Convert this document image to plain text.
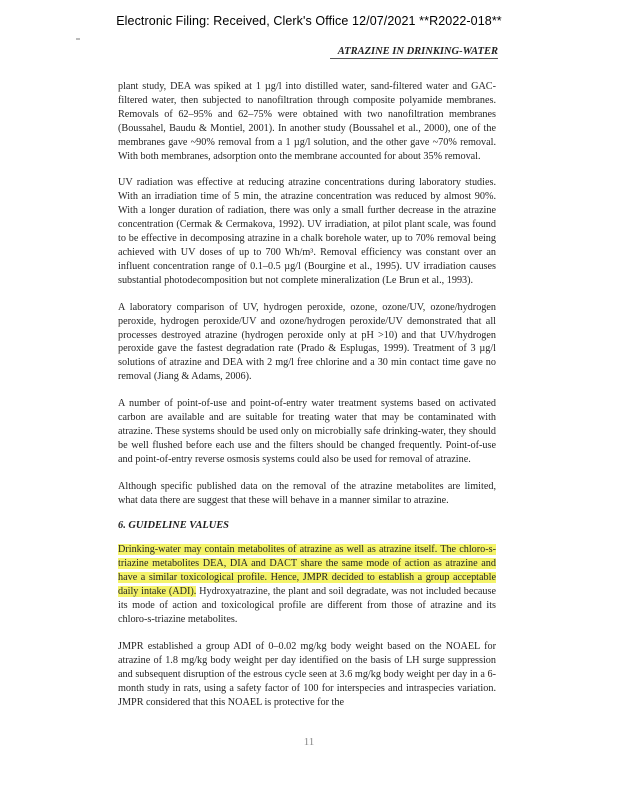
Electronic Filing: Received, Clerk's Office 12/07/2021 **R2022-018**
ATRAZINE IN DRINKING-WATER

plant study, DEA was spiked at 1 µg/l into distilled water, sand-filtered water and GAC-filtered water, then subjected to nanofiltration through composite polyamide membranes. Removals of 62–95% and 62–75% were obtained with two nanofiltration membranes (Boussahel, Baudu & Montiel, 2001). In another study (Boussahel et al., 2000), one of the membranes gave ~90% removal from a 1 µg/l solution, and the other gave ~70% removal. With both membranes, adsorption onto the membrane accounted for about 35% removal.

UV radiation was effective at reducing atrazine concentrations during laboratory studies. With an irradiation time of 5 min, the atrazine concentration was reduced by almost 90%. With a longer duration of radiation, there was only a small further decrease in the atrazine concentration (Cermak & Cermakova, 1992). UV irradiation, at pilot plant scale, was found to be effective in decomposing atrazine in a chalk borehole water, up to 70% removal being achieved with UV doses of up to 700 Wh/m³. Removal efficiency was constant over an influent concentration range of 0.1–0.5 µg/l (Bourgine et al., 1995). UV irradiation causes substantial photodecomposition but not complete mineralization (Le Brun et al., 1993).

A laboratory comparison of UV, hydrogen peroxide, ozone, ozone/UV, ozone/hydrogen peroxide, hydrogen peroxide/UV and ozone/hydrogen peroxide/UV demonstrated that all processes destroyed atrazine (hydrogen peroxide only at pH >10) and that UV/hydrogen peroxide gave the fastest degradation rate (Prado & Esplugas, 1999). Treatment of 3 µg/l solutions of atrazine and DEA with 2 mg/l free chlorine and a 30 min contact time gave no removal (Jiang & Adams, 2006).

A number of point-of-use and point-of-entry water treatment systems based on activated carbon are available and are suitable for treating water that may be contaminated with atrazine. These systems should be used only on microbially safe drinking-water, they should be well flushed before each use and the filters should be changed frequently. Point-of-use and point-of-entry reverse osmosis systems could also be used for removal of atrazine.

Although specific published data on the removal of the atrazine metabolites are limited, what data there are suggest that these will behave in a manner similar to atrazine.

6. GUIDELINE VALUES

Drinking-water may contain metabolites of atrazine as well as atrazine itself. The chloro-s-triazine metabolites DEA, DIA and DACT share the same mode of action as atrazine and have a similar toxicological profile. Hence, JMPR decided to establish a group acceptable daily intake (ADI). Hydroxyatrazine, the plant and soil degradate, was not included because its mode of action and toxicological profile are different from those of atrazine and its chloro-s-triazine metabolites.

JMPR established a group ADI of 0–0.02 mg/kg body weight based on the NOAEL for atrazine of 1.8 mg/kg body weight per day identified on the basis of LH surge suppression and subsequent disruption of the estrous cycle seen at 3.6 mg/kg body weight per day in a 6-month study in rats, using a safety factor of 100 for interspecies and intraspecies variation. JMPR considered that this NOAEL is protective for the

11
